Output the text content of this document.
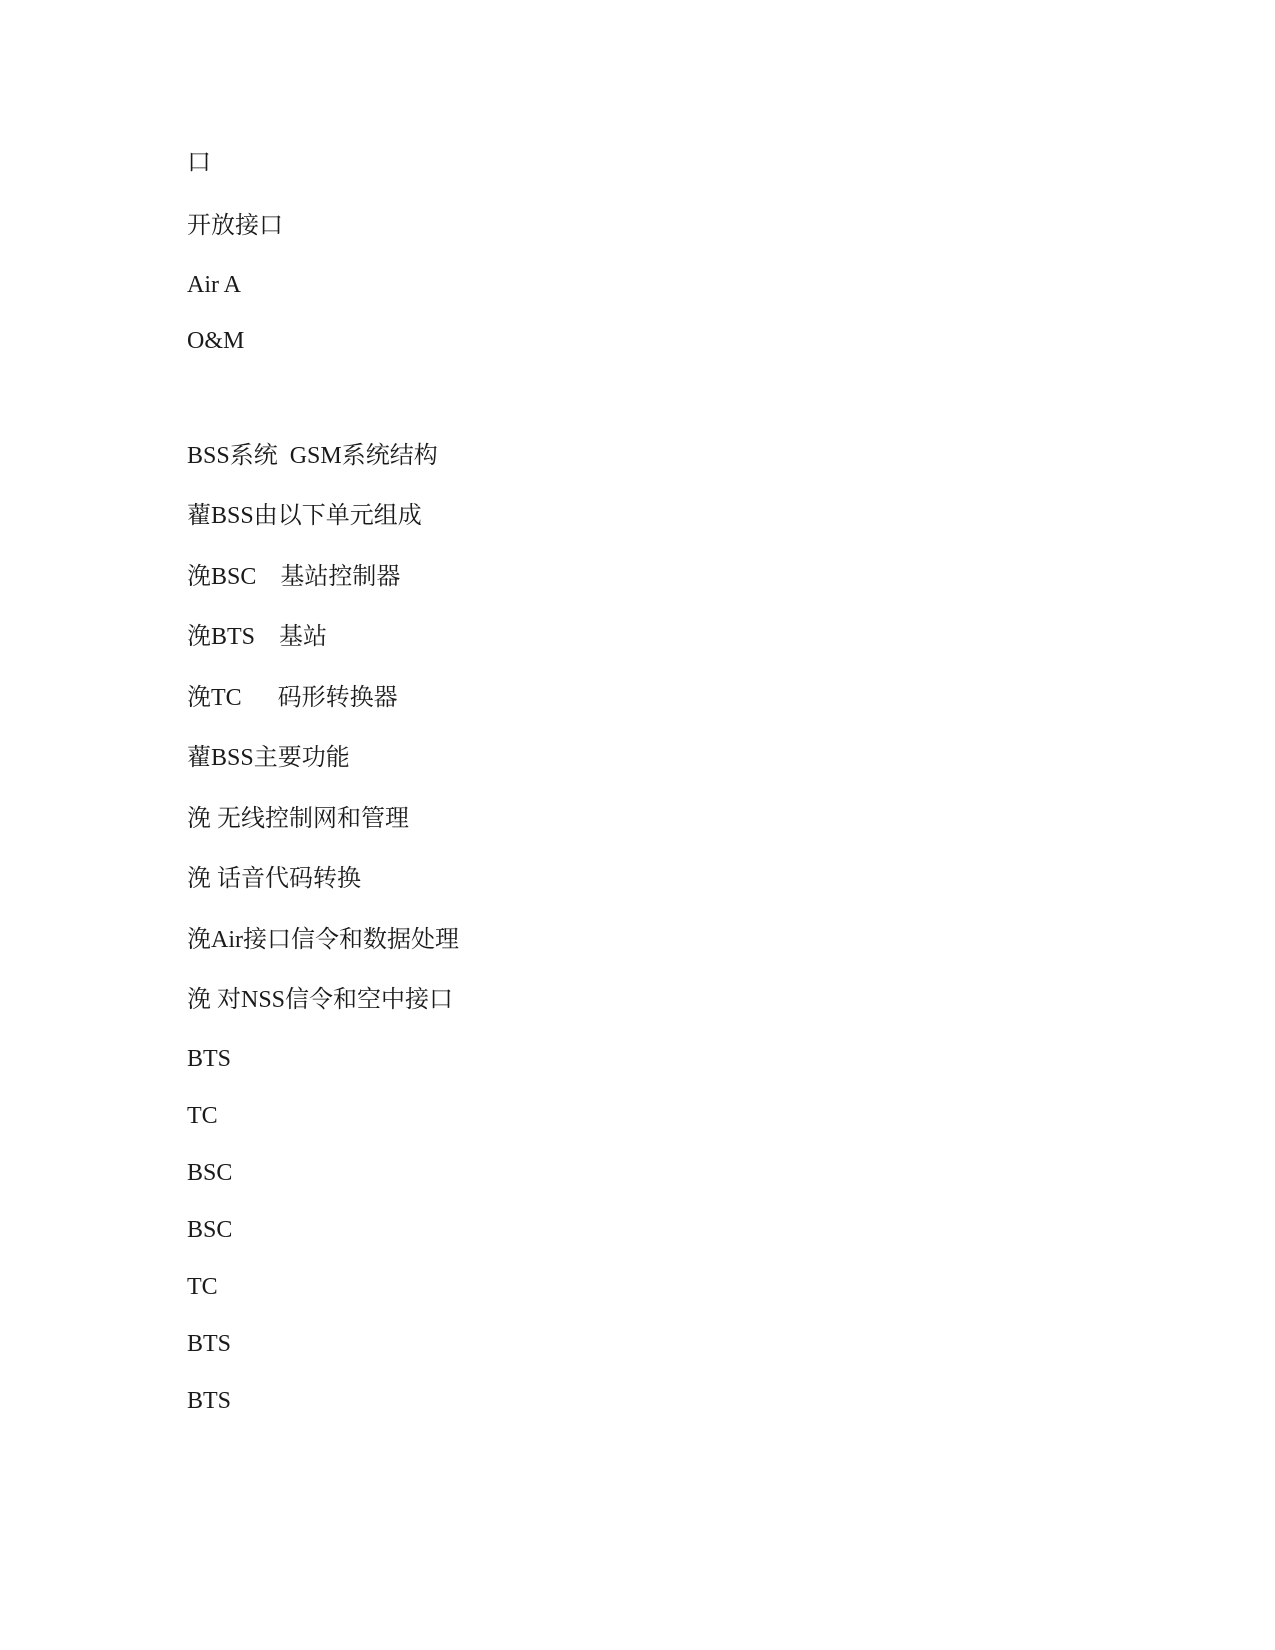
口
开放接口
Air A
O&M
BSS系统  GSM系统结构
藋BSS由以下单元组成
浼BSC    基站控制器
浼BTS    基站
浼TC      码形转换器
藋BSS主要功能
浼 无线控制网和管理
浼 话音代码转换
浼Air接口信令和数据处理
浼 对NSS信令和空中接口
BTS
TC
BSC
BSC
TC
BTS
BTS
